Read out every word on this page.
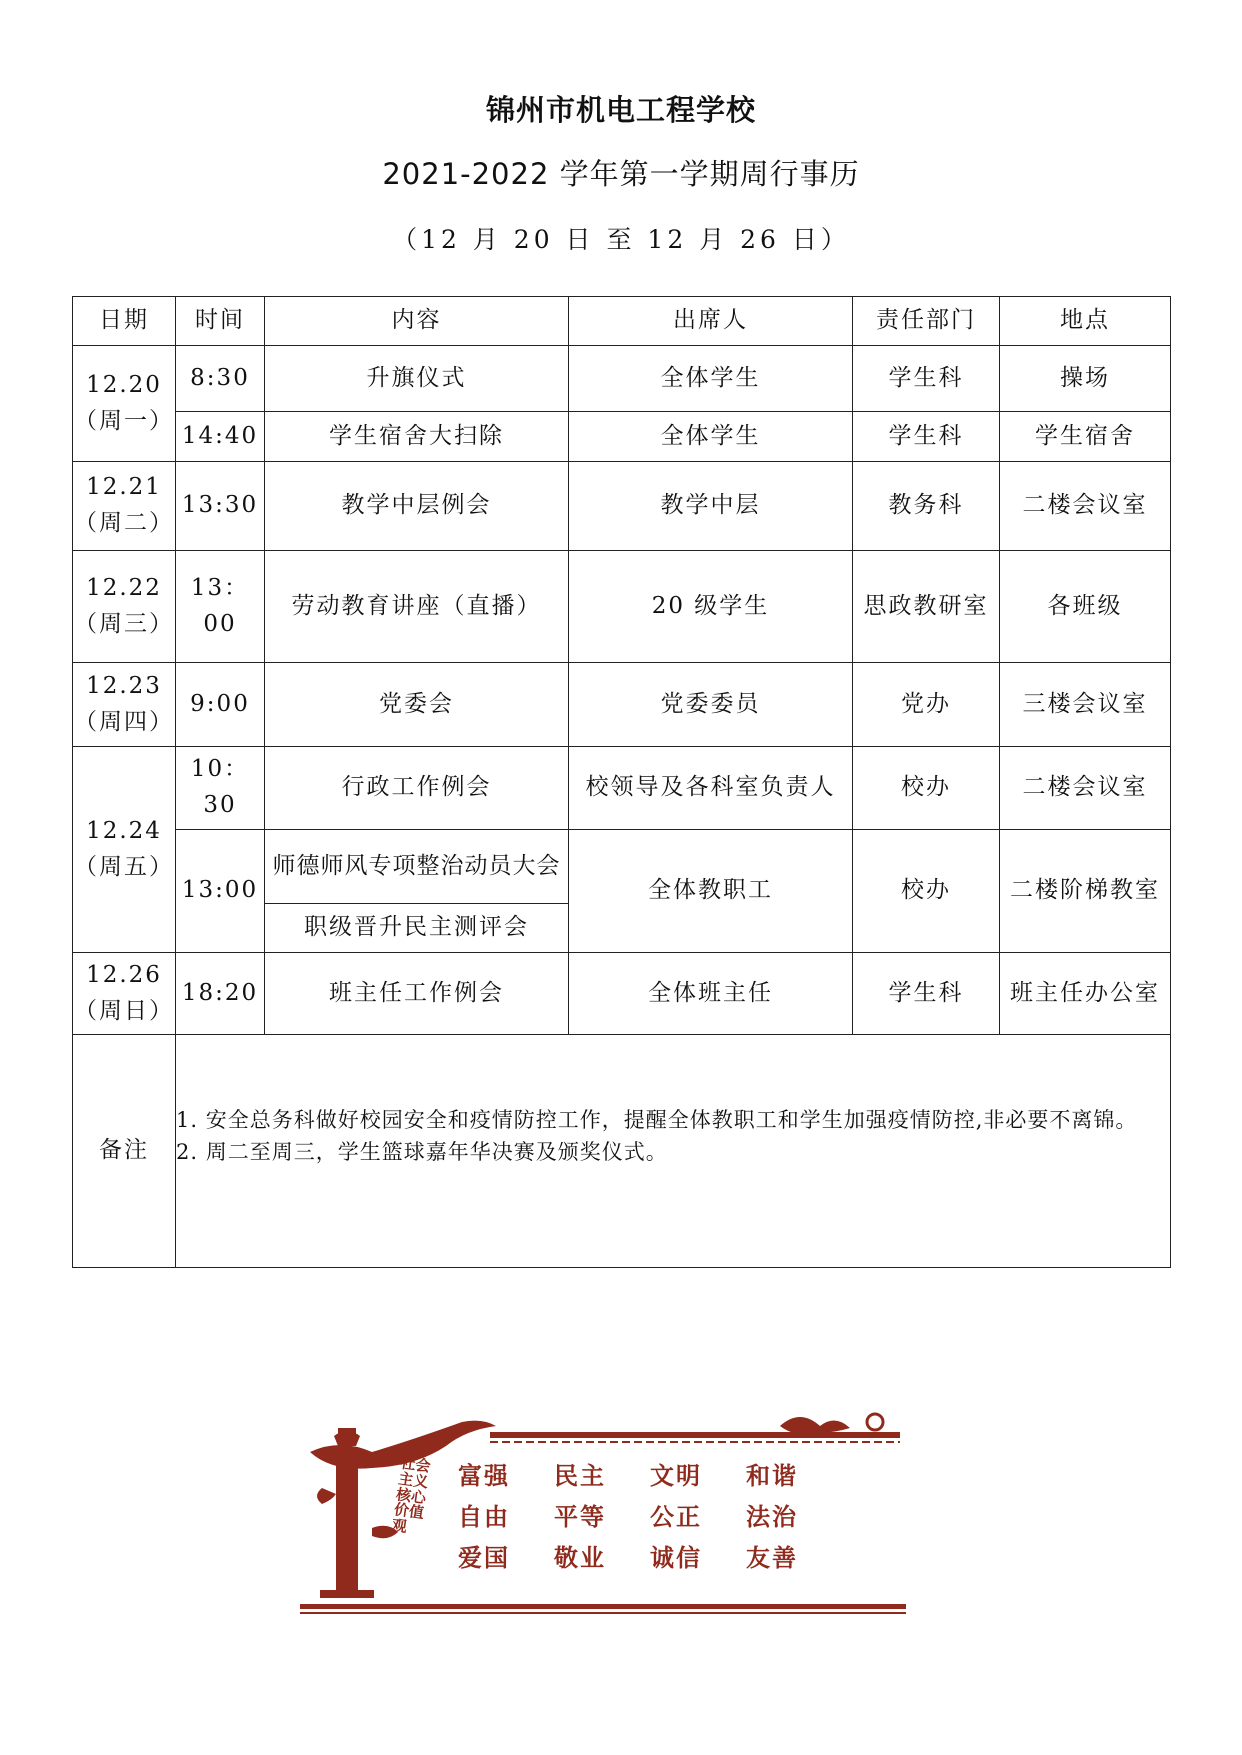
锦州市机电工程学校
2021-2022 学年第一学期周行事历
（12 月 20 日 至 12 月 26 日）
日期	时间	内容	出席人	责任部门	地点

12.20
（周一）	8:30	升旗仪式	全体学生	学生科	操场
	14:40	学生宿舍大扫除	全体学生	学生科	学生宿舍

12.21
（周二）	13:30	教学中层例会	教学中层	教务科	二楼会议室

12.22
（周三）	13：00	劳动教育讲座（直播）	20 级学生	思政教研室	各班级

12.23
（周四）	9:00	党委会	党委委员	党办	三楼会议室

12.24
（周五）	10：30	行政工作例会	校领导及各科室负责人	校办	二楼会议室
	13:00	师德师风专项整治动员大会	全体教职工	校办	二楼阶梯教室
		职级晋升民主测评会			

12.26
（周日）	18:20	班主任工作例会	全体班主任	学生科	班主任办公室
备注	1. 安全总务科做好校园安全和疫情防控工作，提醒全体教职工和学生加强疫情防控,非必要不离锦。
2. 周二至周三，学生篮球嘉年华决赛及颁奖仪式。				
社会主义核心价值观
富强 民主 文明 和谐
自由 平等 公正 法治
爱国 敬业 诚信 友善
